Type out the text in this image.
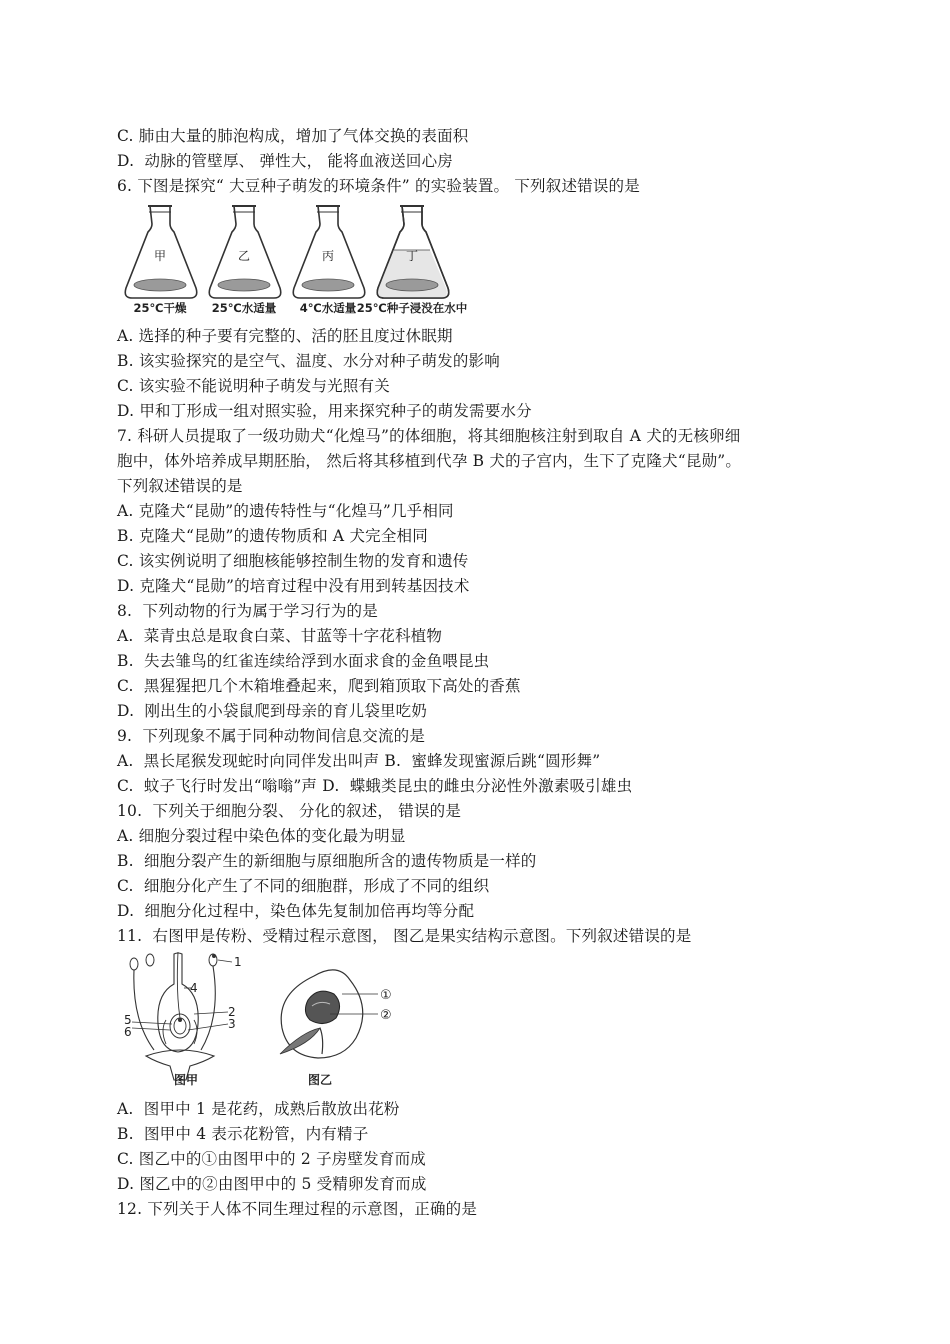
C. 肺由大量的肺泡构成，增加了气体交换的表面积
D.  动脉的管壁厚、 弹性大， 能将血液送回心房
6. 下图是探究“ 大豆种子萌发的环境条件” 的实验装置。 下列叙述错误的是
A. 选择的种子要有完整的、活的胚且度过休眠期
B. 该实验探究的是空气、温度、水分对种子萌发的影响
C. 该实验不能说明种子萌发与光照有关
D. 甲和丁形成一组对照实验，用来探究种子的萌发需要水分
7. 科研人员提取了一级功勋犬“化煌马”的体细胞，将其细胞核注射到取自 A 犬的无核卵细
胞中，体外培养成早期胚胎， 然后将其移植到代孕 B 犬的子宫内，生下了克隆犬“昆勋”。
下列叙述错误的是
A. 克隆犬“昆勋”的遗传特性与“化煌马”几乎相同
B. 克隆犬“昆勋”的遗传物质和 A 犬完全相同
C. 该实例说明了细胞核能够控制生物的发育和遗传
D. 克隆犬“昆勋”的培育过程中没有用到转基因技术
8.  下列动物的行为属于学习行为的是
A.  菜青虫总是取食白菜、甘蓝等十字花科植物
B.  失去雏鸟的红雀连续给浮到水面求食的金鱼喂昆虫
C.  黑猩猩把几个木箱堆叠起来，爬到箱顶取下高处的香蕉
D.  刚出生的小袋鼠爬到母亲的育儿袋里吃奶
9.  下列现象不属于同种动物间信息交流的是
A.  黑长尾猴发现蛇时向同伴发出叫声 B.  蜜蜂发现蜜源后跳“圆形舞”
C.  蚊子飞行时发出“嗡嗡”声 D.  蝶蛾类昆虫的雌虫分泌性外激素吸引雄虫
10.  下列关于细胞分裂、 分化的叙述， 错误的是
A. 细胞分裂过程中染色体的变化最为明显
B.  细胞分裂产生的新细胞与原细胞所含的遗传物质是一样的
C.  细胞分化产生了不同的细胞群，形成了不同的组织
D.  细胞分化过程中，染色体先复制加倍再均等分配
11.  右图甲是传粉、受精过程示意图， 图乙是果实结构示意图。下列叙述错误的是
A.  图甲中 1 是花药，成熟后散放出花粉
B.  图甲中 4 表示花粉管，内有精子
C. 图乙中的①由图甲中的 2 子房壁发育而成
D. 图乙中的②由图甲中的 5 受精卵发育而成
12. 下列关于人体不同生理过程的示意图，正确的是
甲
25℃干燥
乙
25℃水适量
丙
4℃水适量
丁
25℃种子浸没在水中
1
4
2
5	3
6
图甲
①
②
图乙
